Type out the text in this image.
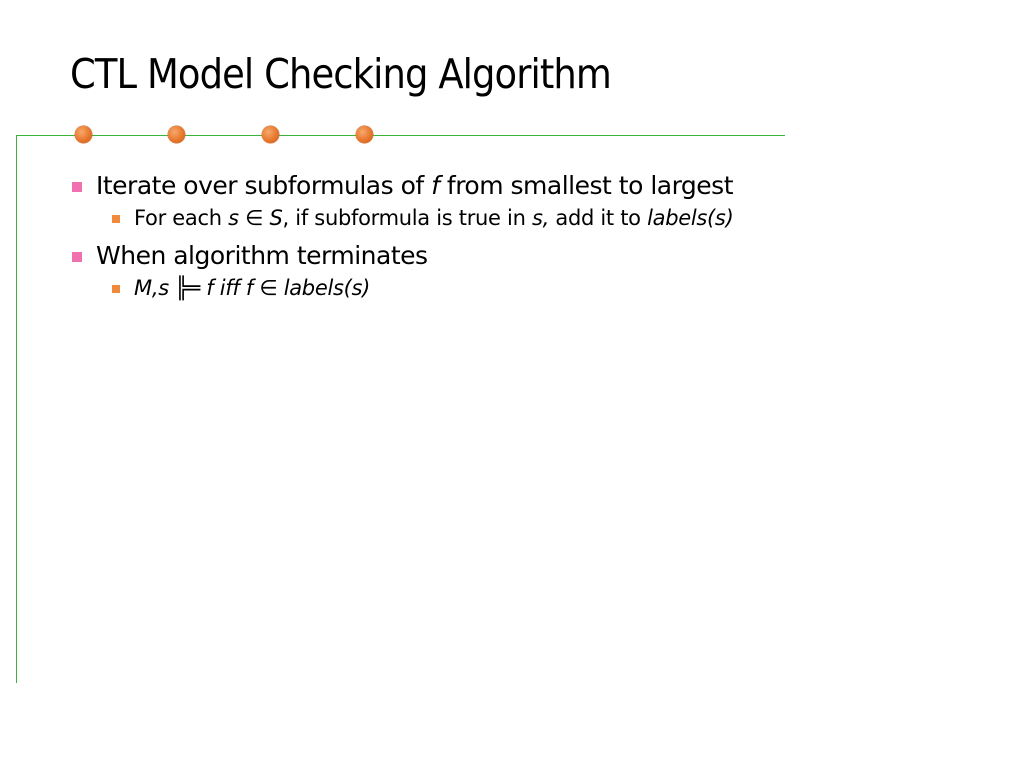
CTL Model Checking Algorithm
Iterate over subformulas of f from smallest to largest
For each s ∈ S, if subformula is true in s, add it to labels(s)
When algorithm terminates
M,s ╠═ f iff f ∈ labels(s)
